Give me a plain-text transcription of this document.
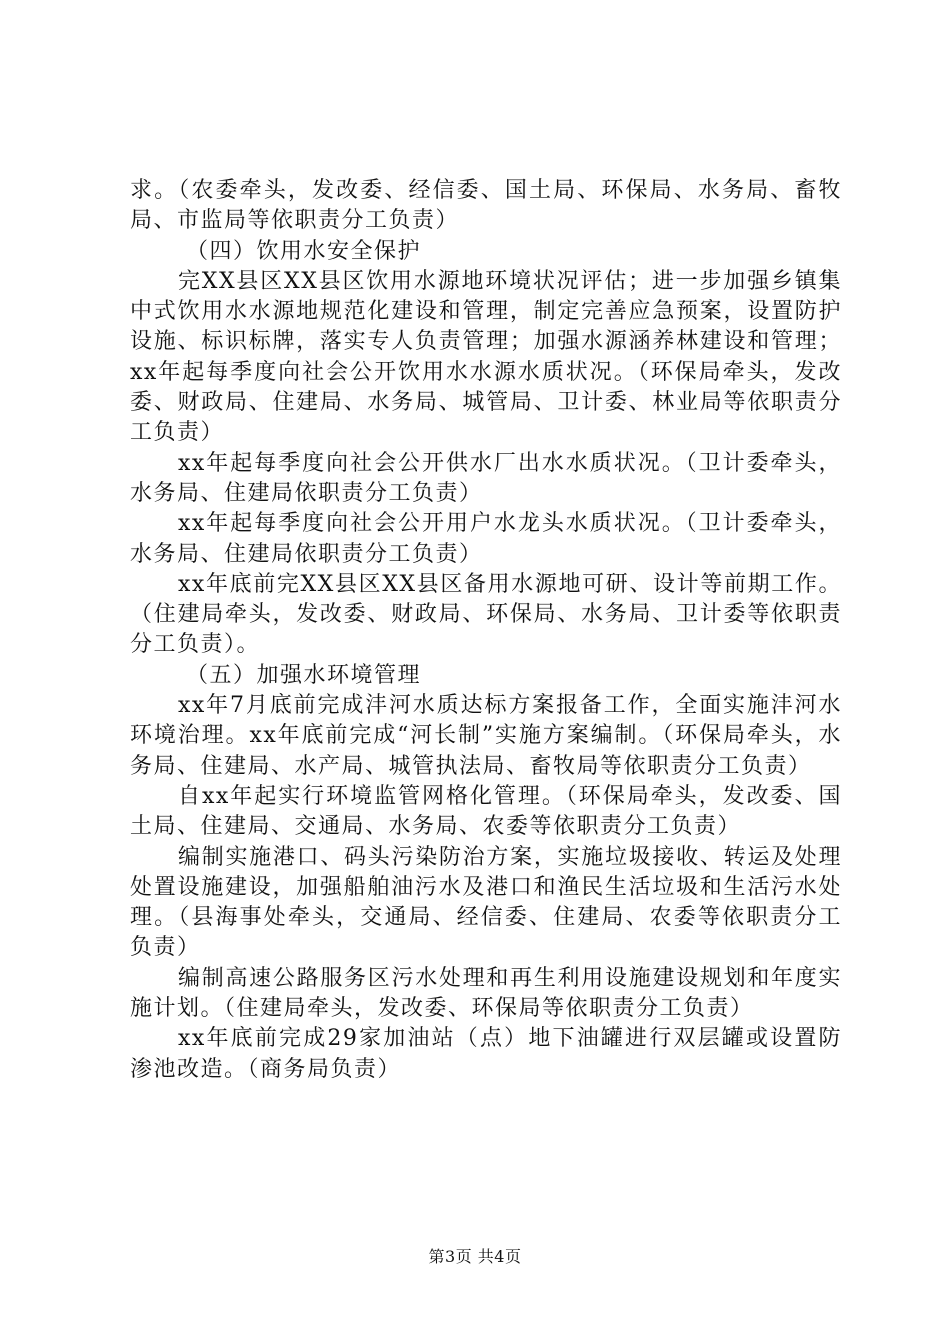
求。（农委牵头，发改委、经信委、国土局、环保局、水务局、畜牧局、市监局等依职责分工负责）

（四）饮用水安全保护

完XX县区XX县区饮用水源地环境状况评估；进一步加强乡镇集中式饮用水水源地规范化建设和管理，制定完善应急预案，设置防护设施、标识标牌，落实专人负责管理；加强水源涵养林建设和管理；xx年起每季度向社会公开饮用水水源水质状况。（环保局牵头，发改委、财政局、住建局、水务局、城管局、卫计委、林业局等依职责分工负责）

xx年起每季度向社会公开供水厂出水水质状况。（卫计委牵头，水务局、住建局依职责分工负责）

xx年起每季度向社会公开用户水龙头水质状况。（卫计委牵头，水务局、住建局依职责分工负责）

xx年底前完XX县区XX县区备用水源地可研、设计等前期工作。（住建局牵头，发改委、财政局、环保局、水务局、卫计委等依职责分工负责）。

（五）加强水环境管理

xx年7月底前完成沣河水质达标方案报备工作，全面实施沣河水环境治理。xx年底前完成“河长制”实施方案编制。（环保局牵头，水务局、住建局、水产局、城管执法局、畜牧局等依职责分工负责）

自xx年起实行环境监管网格化管理。（环保局牵头，发改委、国土局、住建局、交通局、水务局、农委等依职责分工负责）

编制实施港口、码头污染防治方案，实施垃圾接收、转运及处理处置设施建设，加强船舶油污水及港口和渔民生活垃圾和生活污水处理。（县海事处牵头，交通局、经信委、住建局、农委等依职责分工负责）

编制高速公路服务区污水处理和再生利用设施建设规划和年度实施计划。（住建局牵头，发改委、环保局等依职责分工负责）

xx年底前完成29家加油站（点）地下油罐进行双层罐或设置防渗池改造。（商务局负责）

第3页 共4页
